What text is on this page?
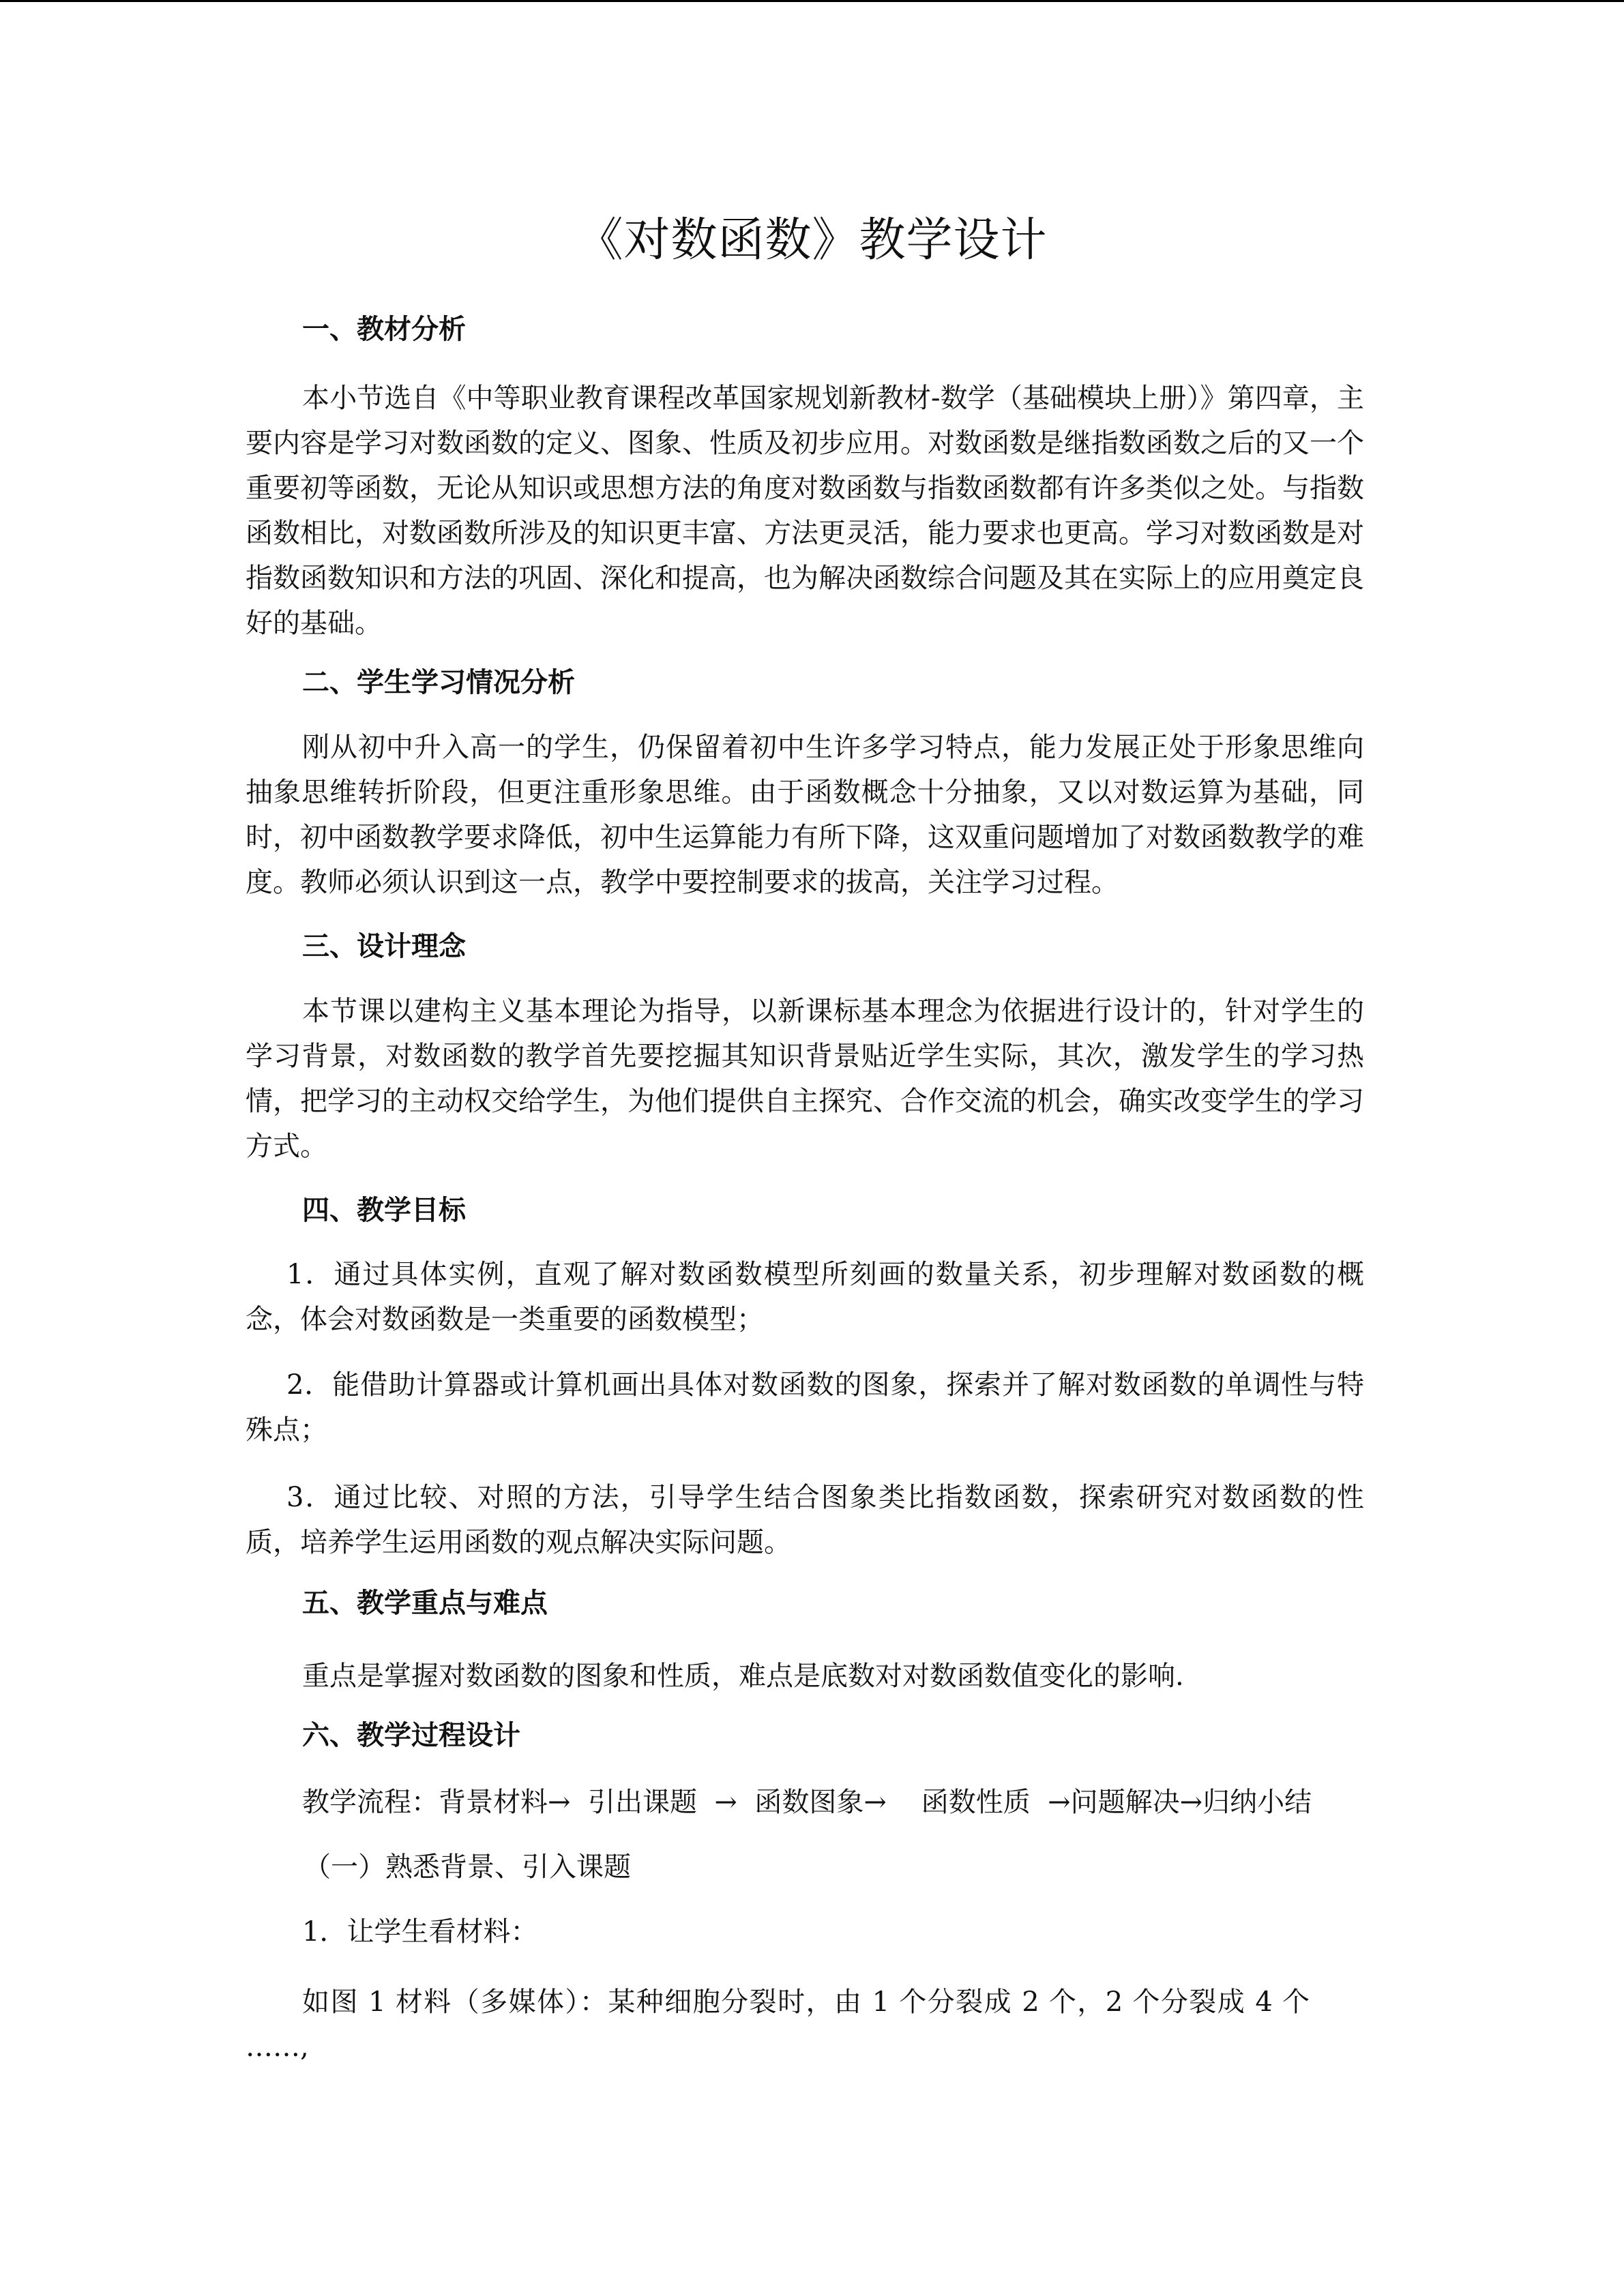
《对数函数》教学设计
一、教材分析

本小节选自《中等职业教育课程改革国家规划新教材-数学（基础模块上册）》第四章，主要内容是学习对数函数的定义、图象、性质及初步应用。对数函数是继指数函数之后的又一个重要初等函数，无论从知识或思想方法的角度对数函数与指数函数都有许多类似之处。与指数函数相比，对数函数所涉及的知识更丰富、方法更灵活，能力要求也更高。学习对数函数是对指数函数知识和方法的巩固、深化和提高，也为解决函数综合问题及其在实际上的应用奠定良好的基础。

二、学生学习情况分析

刚从初中升入高一的学生，仍保留着初中生许多学习特点，能力发展正处于形象思维向抽象思维转折阶段，但更注重形象思维。由于函数概念十分抽象，又以对数运算为基础，同时，初中函数教学要求降低，初中生运算能力有所下降，这双重问题增加了对数函数教学的难度。教师必须认识到这一点，教学中要控制要求的拔高，关注学习过程。

三、设计理念

本节课以建构主义基本理论为指导，以新课标基本理念为依据进行设计的，针对学生的学习背景，对数函数的教学首先要挖掘其知识背景贴近学生实际，其次，激发学生的学习热情，把学习的主动权交给学生，为他们提供自主探究、合作交流的机会，确实改变学生的学习方式。

四、教学目标

1．通过具体实例，直观了解对数函数模型所刻画的数量关系，初步理解对数函数的概念，体会对数函数是一类重要的函数模型；

2．能借助计算器或计算机画出具体对数函数的图象，探索并了解对数函数的单调性与特殊点；

3．通过比较、对照的方法，引导学生结合图象类比指数函数，探索研究对数函数的性质，培养学生运用函数的观点解决实际问题。

五、教学重点与难点
重点是掌握对数函数的图象和性质，难点是底数对对数函数值变化的影响.
六、教学过程设计
教学流程：背景材料→  引出课题  →  函数图象→    函数性质  →问题解决→归纳小结
（一）熟悉背景、引入课题
1．让学生看材料：

如图 1 材料（多媒体）：某种细胞分裂时，由 1 个分裂成 2 个，2 个分裂成 4 个 ……,
